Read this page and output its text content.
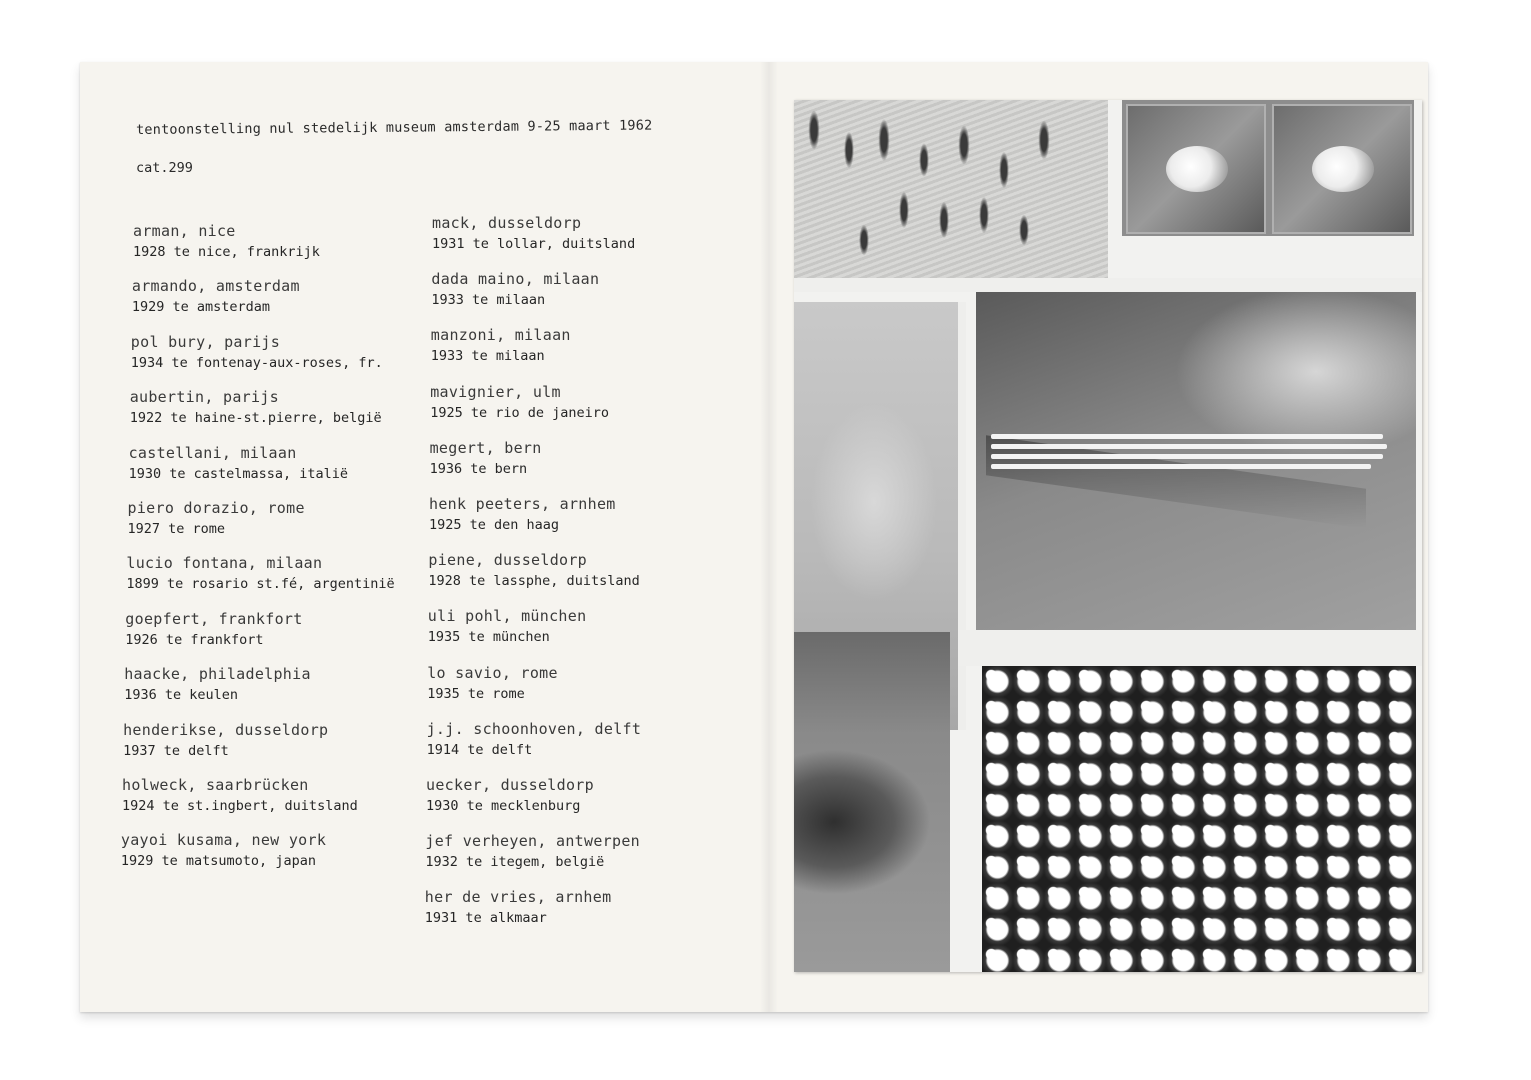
tentoonstelling nul stedelijk museum amsterdam 9-25 maart 1962
cat.299
arman, nice
1928 te nice, frankrijk
armando, amsterdam
1929 te amsterdam
pol bury, parijs
1934 te fontenay-aux-roses, fr.
aubertin, parijs
1922 te haine-st.pierre, belgië
castellani, milaan
1930 te castelmassa, italië
piero dorazio, rome
1927 te rome
lucio fontana, milaan
1899 te rosario st.fé, argentinië
goepfert, frankfort
1926 te frankfort
haacke, philadelphia
1936 te keulen
henderikse, dusseldorp
1937 te delft
holweck, saarbrücken
1924 te st.ingbert, duitsland
yayoi kusama, new york
1929 te matsumoto, japan
mack, dusseldorp
1931 te lollar, duitsland
dada maino, milaan
1933 te milaan
manzoni, milaan
1933 te milaan
mavignier, ulm
1925 te rio de janeiro
megert, bern
1936 te bern
henk peeters, arnhem
1925 te den haag
piene, dusseldorp
1928 te lassphe, duitsland
uli pohl, münchen
1935 te münchen
lo savio, rome
1935 te rome
j.j. schoonhoven, delft
1914 te delft
uecker, dusseldorp
1930 te mecklenburg
jef verheyen, antwerpen
1932 te itegem, belgië
her de vries, arnhem
1931 te alkmaar
